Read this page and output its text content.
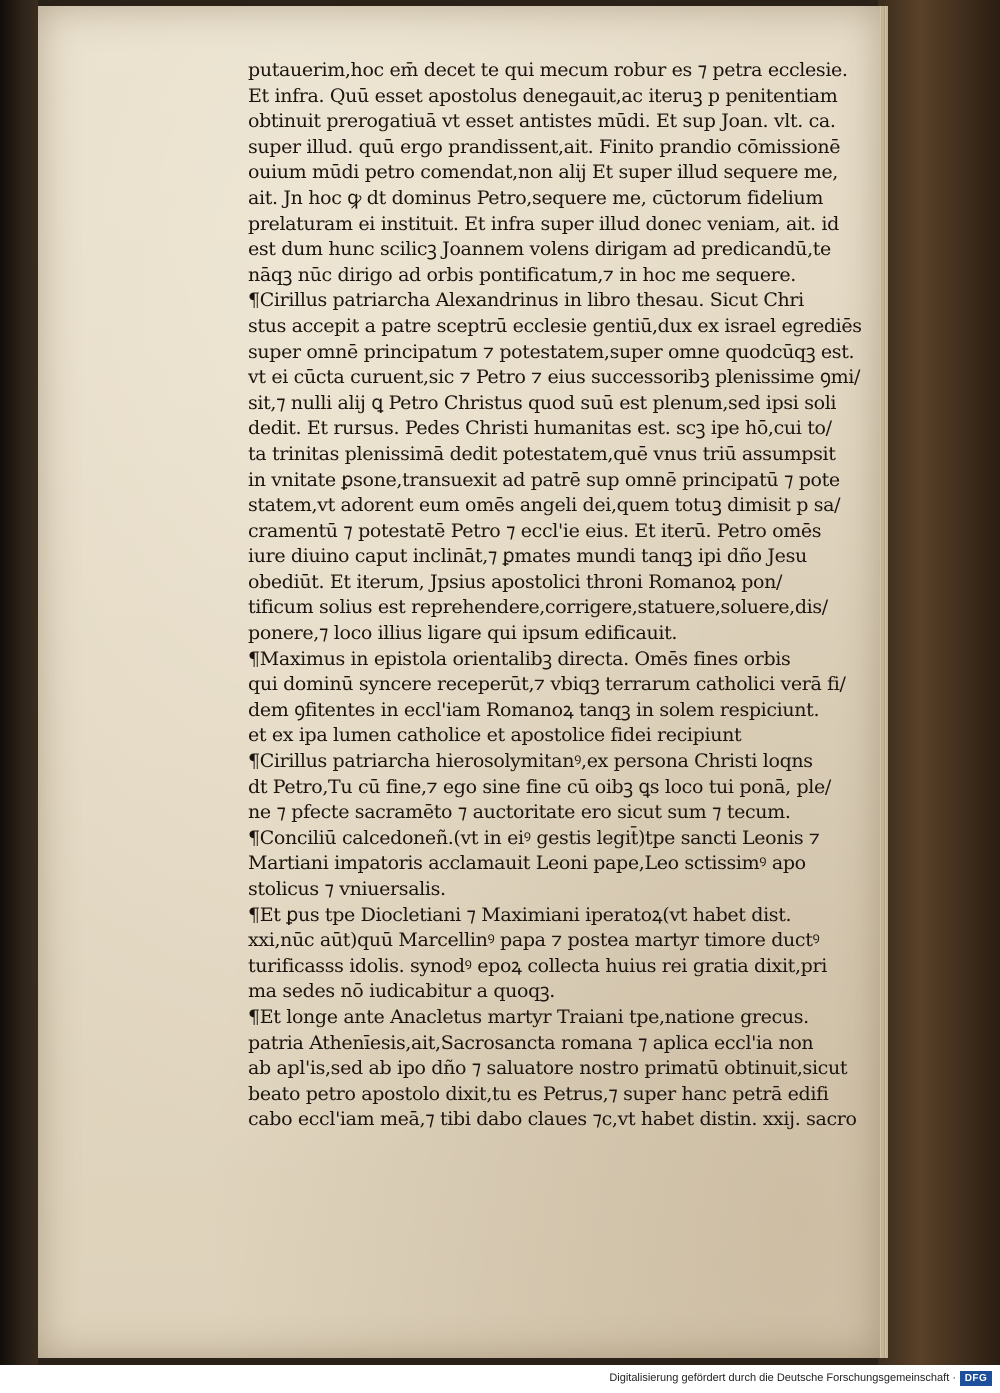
putauerim,hoc em̄ decet te qui mecum robur es ⁊ petra ecclesie.
Et infra. Quū esset apostolus denegauit,ac iteruꝫ p penitentiam
obtinuit prerogatiuā vt esset antistes mūdi. Et sup Joan. vlt. ca.
super illud. quū ergo prandissent,ait. Finito prandio cōmissionē
ouium mūdi petro comendat,non alij Et super illud sequere me,
ait. Jn hoc ꝙ dt dominus Petro,sequere me, cūctorum fidelium
prelaturam ei instituit. Et infra super illud donec veniam, ait. id
est dum hunc scilicꝫ Joannem volens dirigam ad predicandū,te
nāqꝫ nūc dirigo ad orbis pontificatum,⁊ in hoc me sequere.
¶Cirillus patriarcha Alexandrinus in libro thesau. Sicut Chri
stus accepit a patre sceptrū ecclesie gentiū,dux ex israel egrediēs
super omnē principatum ⁊ potestatem,super omne quodcūqꝫ est.
vt ei cūcta curuent,sic ⁊ Petro ⁊ eius successoribꝫ plenissime ꝯmi/
sit,⁊ nulli alij ꝗ Petro Christus quod suū est plenum,sed ipsi soli
dedit. Et rursus. Pedes Christi humanitas est. scꝫ ipe hō,cui to/
ta trinitas plenissimā dedit potestatem,quē vnus triū assumpsit
in vnitate ꝑsone,transuexit ad patrē sup omnē principatū ⁊ pote
statem,vt adorent eum omēs angeli dei,quem totuꝫ dimisit p sa/
cramentū ⁊ potestatē Petro ⁊ eccl'ie eius. Et iterū. Petro omēs
iure diuino caput inclināt,⁊ ꝑmates mundi tanqꝫ ipi dño Jesu
obediūt. Et iterum, Jpsius apostolici throni Romanoꝝ pon/
tificum solius est reprehendere,corrigere,statuere,soluere,dis/
ponere,⁊ loco illius ligare qui ipsum edificauit.
¶Maximus in epistola orientalibꝫ directa. Omēs fines orbis
qui dominū syncere receperūt,⁊ vbiqꝫ terrarum catholici verā fi/
dem ꝯfitentes in eccl'iam Romanoꝝ tanqꝫ in solem respiciunt.
et ex ipa lumen catholice et apostolice fidei recipiunt
¶Cirillus patriarcha hierosolymitanꝰ,ex persona Christi loqns
dt Petro,Tu cū fine,⁊ ego sine fine cū oibꝫ ꝗs loco tui ponā, ple/
ne ⁊ pfecte sacramēto ⁊ auctoritate ero sicut sum ⁊ tecum.
¶Conciliū calcedoneñ.(vt in eiꝰ gestis legit̄)tpe sancti Leonis ⁊
Martiani impatoris acclamauit Leoni pape,Leo sctissimꝰ apo
stolicus ⁊ vniuersalis.
¶Et ꝑus tpe Diocletiani ⁊ Maximiani iperatoꝝ(vt habet dist.
xxi,nūc aūt)quū Marcellinꝰ papa ⁊ postea martyr timore ductꝰ
turificasss idolis. synodꝰ epoꝝ collecta huius rei gratia dixit,pri
ma sedes nō iudicabitur a quoqꝫ.
¶Et longe ante Anacletus martyr Traiani tpe,natione grecus.
patria Athenīesis,ait,Sacrosancta romana ⁊ aplica eccl'ia non
ab apl'is,sed ab ipo dño ⁊ saluatore nostro primatū obtinuit,sicut
beato petro apostolo dixit,tu es Petrus,⁊ super hanc petrā edifi
cabo eccl'iam meā,⁊ tibi dabo claues ⁊c,vt habet distin. xxij. sacro
Digitalisierung gefördert durch die Deutsche Forschungsgemeinschaft · DFG
